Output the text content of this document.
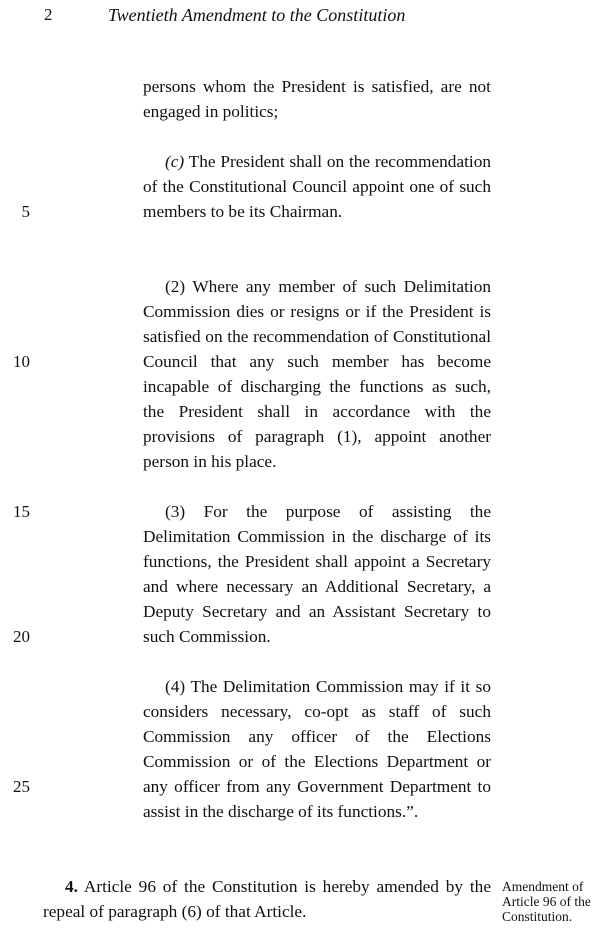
2	Twentieth Amendment to the Constitution
5
10
15
20
25

persons whom the President is satisfied, are not engaged in politics;

(c) The President shall on the recommendation of the Constitutional Council appoint one of such members to be its Chairman.

(2) Where any member of such Delimitation Commission dies or resigns or if the President is satisfied on the recommendation of Constitutional Council that any such member has become incapable of discharging the functions as such, the President shall in accordance with the provisions of paragraph (1), appoint another person in his place.

(3) For the purpose of assisting the Delimitation Commission in the discharge of its functions, the President shall appoint a Secretary and where necessary an Additional Secretary, a Deputy Secretary and an Assistant Secretary to such Commission.

(4) The Delimitation Commission may if it so considers necessary, co-opt as staff of such Commission any officer of the Elections Commission or of the Elections Department or any officer from any Government Department to assist in the discharge of its functions.”.

4. Article 96 of the Constitution is hereby amended by the repeal of paragraph (6) of that Article.

Amendment of Article 96 of the Constitution.
